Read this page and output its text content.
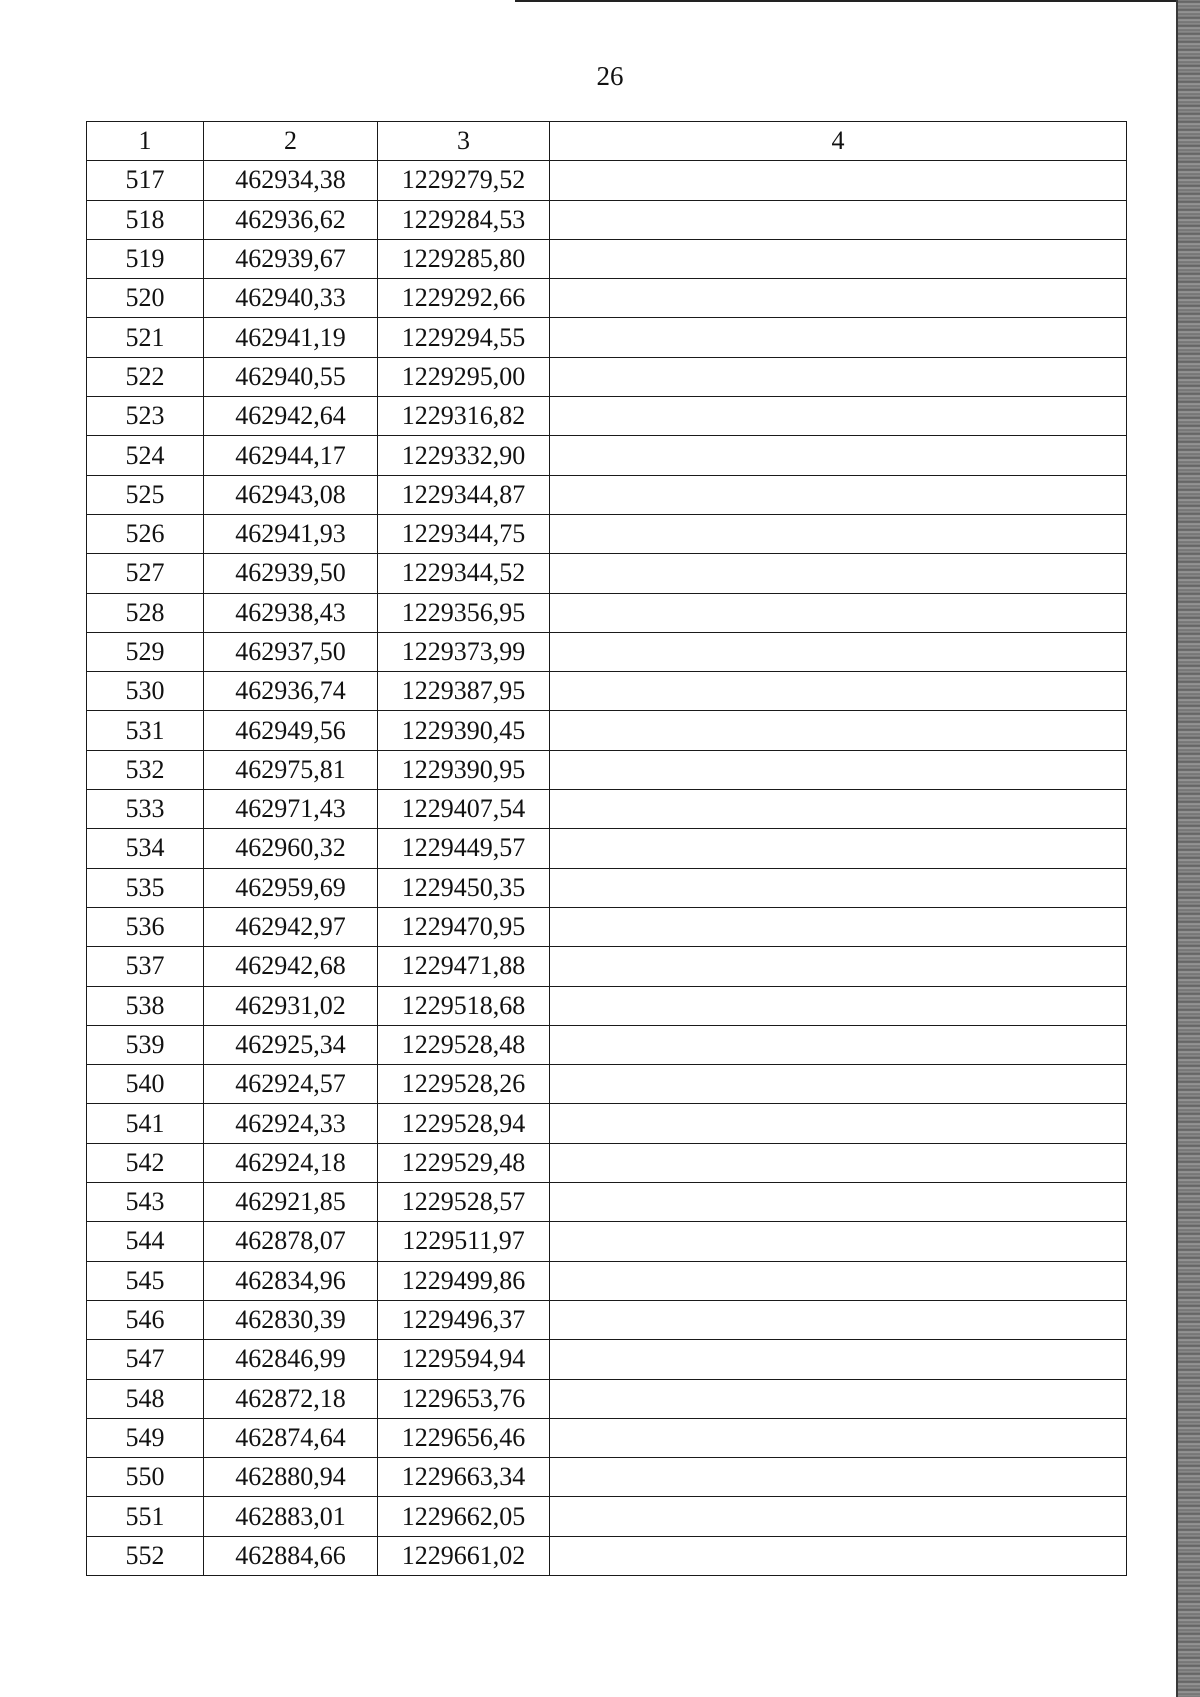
26
1	2	3	4
517	462934,38	1229279,52	
518	462936,62	1229284,53	
519	462939,67	1229285,80	
520	462940,33	1229292,66	
521	462941,19	1229294,55	
522	462940,55	1229295,00	
523	462942,64	1229316,82	
524	462944,17	1229332,90	
525	462943,08	1229344,87	
526	462941,93	1229344,75	
527	462939,50	1229344,52	
528	462938,43	1229356,95	
529	462937,50	1229373,99	
530	462936,74	1229387,95	
531	462949,56	1229390,45	
532	462975,81	1229390,95	
533	462971,43	1229407,54	
534	462960,32	1229449,57	
535	462959,69	1229450,35	
536	462942,97	1229470,95	
537	462942,68	1229471,88	
538	462931,02	1229518,68	
539	462925,34	1229528,48	
540	462924,57	1229528,26	
541	462924,33	1229528,94	
542	462924,18	1229529,48	
543	462921,85	1229528,57	
544	462878,07	1229511,97	
545	462834,96	1229499,86	
546	462830,39	1229496,37	
547	462846,99	1229594,94	
548	462872,18	1229653,76	
549	462874,64	1229656,46	
550	462880,94	1229663,34	
551	462883,01	1229662,05	
552	462884,66	1229661,02	
